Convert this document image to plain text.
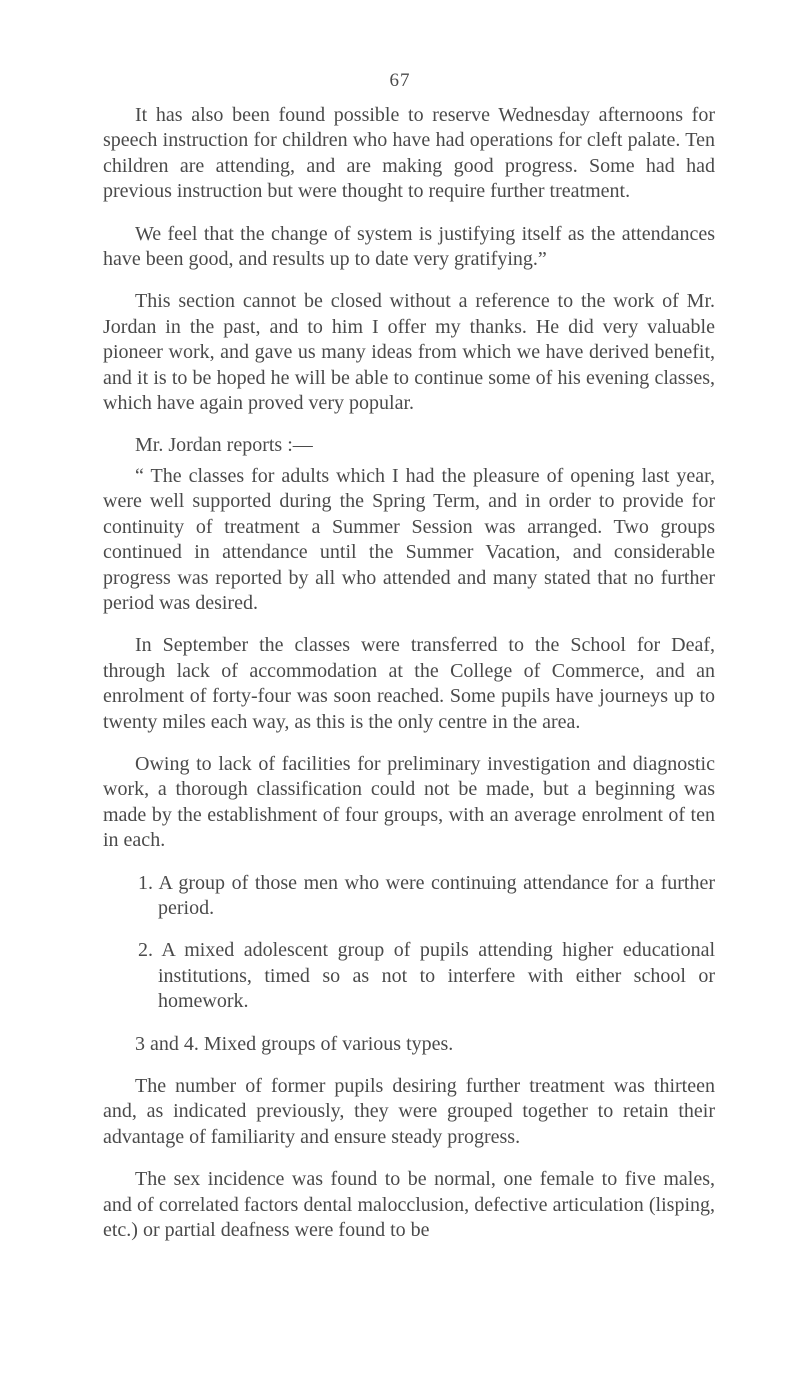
67

It has also been found possible to reserve Wednesday afternoons for speech instruction for children who have had operations for cleft palate. Ten children are attending, and are making good progress. Some had had previous instruction but were thought to require further treatment.

We feel that the change of system is justifying itself as the attendances have been good, and results up to date very gratifying.”

This section cannot be closed without a reference to the work of Mr. Jordan in the past, and to him I offer my thanks. He did very valuable pioneer work, and gave us many ideas from which we have derived benefit, and it is to be hoped he will be able to continue some of his evening classes, which have again proved very popular.

Mr. Jordan reports :—

“ The classes for adults which I had the pleasure of opening last year, were well supported during the Spring Term, and in order to provide for continuity of treatment a Summer Session was arranged. Two groups continued in attendance until the Summer Vacation, and considerable progress was reported by all who attended and many stated that no further period was desired.

In September the classes were transferred to the School for Deaf, through lack of accommodation at the College of Commerce, and an enrolment of forty-four was soon reached. Some pupils have journeys up to twenty miles each way, as this is the only centre in the area.

Owing to lack of facilities for preliminary investigation and diagnostic work, a thorough classification could not be made, but a beginning was made by the establishment of four groups, with an average enrolment of ten in each.

1. A group of those men who were continuing attendance for a further period.

2. A mixed adolescent group of pupils attending higher educational institutions, timed so as not to interfere with either school or homework.

3 and 4. Mixed groups of various types.

The number of former pupils desiring further treatment was thirteen and, as indicated previously, they were grouped together to retain their advantage of familiarity and ensure steady progress.

The sex incidence was found to be normal, one female to five males, and of correlated factors dental malocclusion, defective articulation (lisping, etc.) or partial deafness were found to be
